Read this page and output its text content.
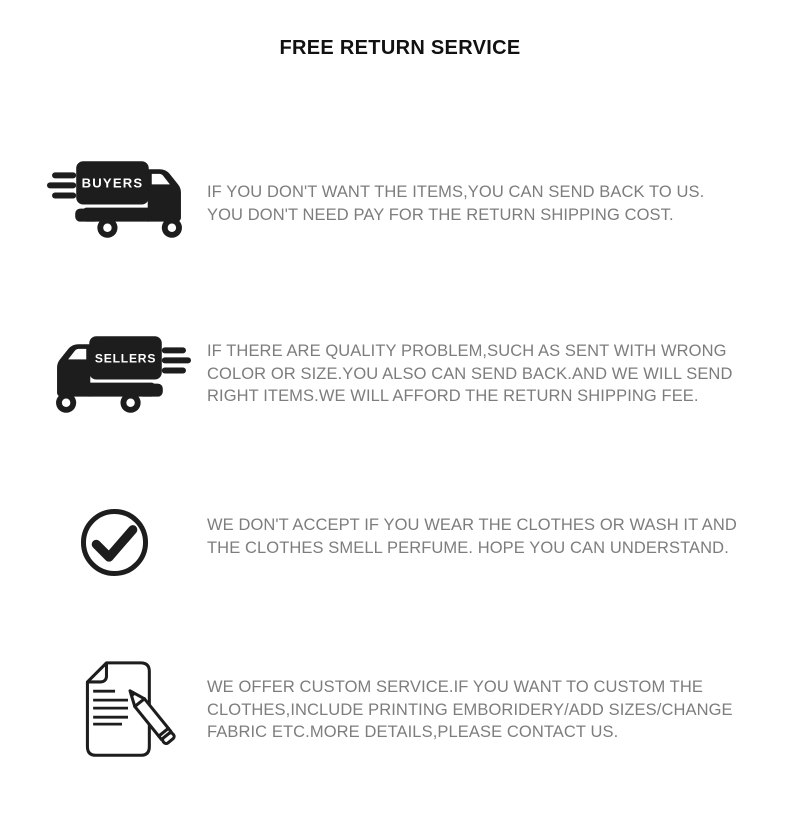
FREE RETURN SERVICE
BUYERS
IF YOU DON'T WANT THE ITEMS,YOU CAN SEND BACK TO US.
YOU DON'T NEED PAY FOR THE RETURN SHIPPING COST.
SELLERS	IF THERE ARE QUALITY PROBLEM,SUCH AS SENT WITH WRONG
COLOR OR SIZE.YOU ALSO CAN SEND BACK.AND WE WILL SEND
RIGHT ITEMS.WE WILL AFFORD THE RETURN SHIPPING FEE.
WE DON'T ACCEPT IF YOU WEAR THE CLOTHES OR WASH IT AND
THE CLOTHES SMELL PERFUME. HOPE YOU CAN UNDERSTAND.
WE OFFER CUSTOM SERVICE.IF YOU WANT TO CUSTOM THE
CLOTHES,INCLUDE PRINTING EMBORIDERY/ADD SIZES/CHANGE
FABRIC ETC.MORE DETAILS,PLEASE CONTACT US.
